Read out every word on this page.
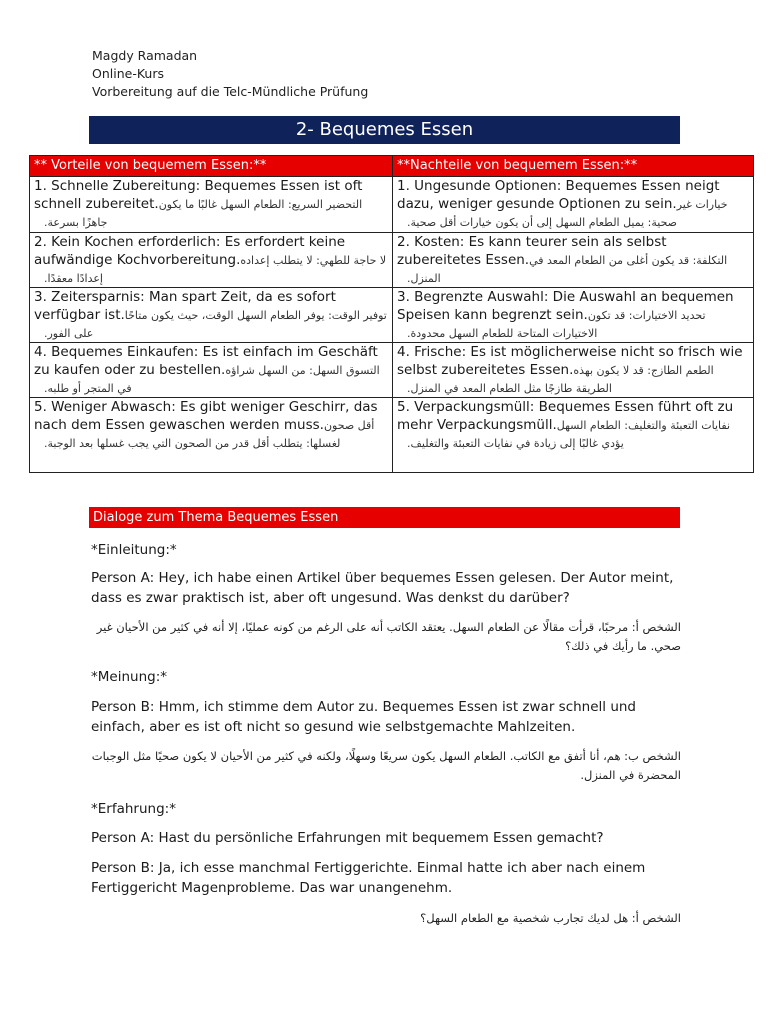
Magdy Ramadan
Online-Kurs
Vorbereitung auf die Telc-Mündliche Prüfung
2- Bequemes Essen
** Vorteile von bequemem Essen:**	**Nachteile von bequemem Essen:**
1. Schnelle Zubereitung: Bequemes Essen ist oft schnell zubereitet.التحضير السريع: الطعام السهل غالبًا ما يكون جاهزًا بسرعة.	1. Ungesunde Optionen: Bequemes Essen neigt dazu, weniger gesunde Optionen zu sein.خيارات غير صحية: يميل الطعام السهل إلى أن يكون خيارات أقل صحية.
2. Kein Kochen erforderlich: Es erfordert keine aufwändige Kochvorbereitung.لا حاجة للطهي: لا يتطلب إعداده إعدادًا معقدًا.	2. Kosten: Es kann teurer sein als selbst zubereitetes Essen.التكلفة: قد يكون أغلى من الطعام المعد في المنزل.
3. Zeitersparnis: Man spart Zeit, da es sofort verfügbar ist.توفير الوقت: يوفر الطعام السهل الوقت، حيث يكون متاحًا على الفور.	3. Begrenzte Auswahl: Die Auswahl an bequemen Speisen kann begrenzt sein.تحديد الاختيارات: قد تكون الاختيارات المتاحة للطعام السهل محدودة.
4. Bequemes Einkaufen: Es ist einfach im Geschäft zu kaufen oder zu bestellen.التسوق السهل: من السهل شراؤه في المتجر أو طلبه.	4. Frische: Es ist möglicherweise nicht so frisch wie selbst zubereitetes Essen.الطعم الطازج: قد لا يكون بهذه الطريقة طازجًا مثل الطعام المعد في المنزل.
5. Weniger Abwasch: Es gibt weniger Geschirr, das nach dem Essen gewaschen werden muss.أقل صحون لغسلها: يتطلب أقل قدر من الصحون التي يجب غسلها بعد الوجبة.	5. Verpackungsmüll: Bequemes Essen führt oft zu mehr Verpackungsmüll.نفايات التعبئة والتغليف: الطعام السهل يؤدي غالبًا إلى زيادة في نفايات التعبئة والتغليف.
Dialoge zum Thema Bequemes Essen
*Einleitung:*
Person A: Hey, ich habe einen Artikel über bequemes Essen gelesen. Der Autor meint, dass es zwar praktisch ist, aber oft ungesund. Was denkst du darüber?
الشخص أ: مرحبًا، قرأت مقالًا عن الطعام السهل. يعتقد الكاتب أنه على الرغم من كونه عمليًا، إلا أنه في كثير من الأحيان غير صحي. ما رأيك في ذلك؟
*Meinung:*
Person B: Hmm, ich stimme dem Autor zu. Bequemes Essen ist zwar schnell und einfach, aber es ist oft nicht so gesund wie selbstgemachte Mahlzeiten.
الشخص ب: هم، أنا أتفق مع الكاتب. الطعام السهل يكون سريعًا وسهلًا، ولكنه في كثير من الأحيان لا يكون صحيًا مثل الوجبات المحضرة في المنزل.
*Erfahrung:*
Person A: Hast du persönliche Erfahrungen mit bequemem Essen gemacht?
Person B: Ja, ich esse manchmal Fertiggerichte. Einmal hatte ich aber nach einem Fertiggericht Magenprobleme. Das war unangenehm.
الشخص أ: هل لديك تجارب شخصية مع الطعام السهل؟
